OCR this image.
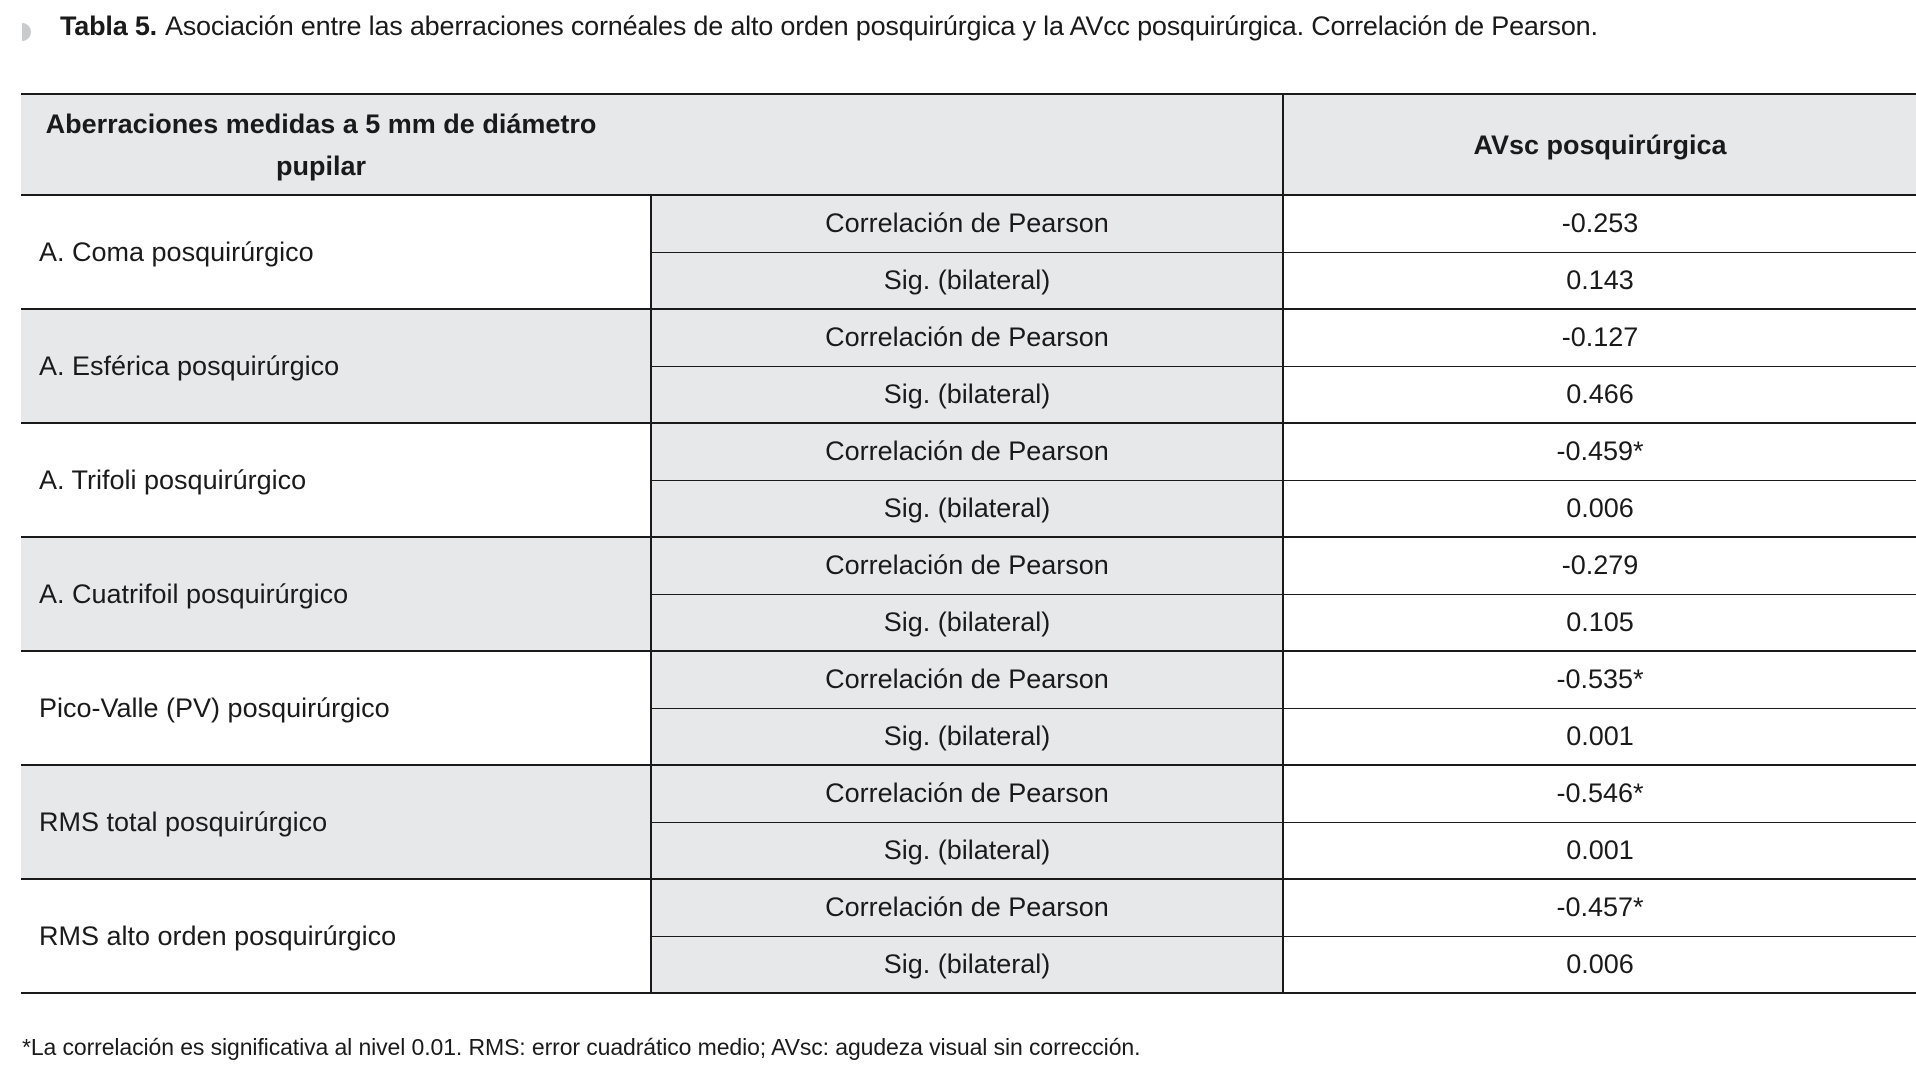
Tabla 5. Asociación entre las aberraciones cornéales de alto orden posquirúrgica y la AVcc posquirúrgica. Correlación de Pearson.
Aberraciones medidas a 5 mm de diámetro pupilar		AVsc posquirúrgica
A. Coma posquirúrgico	Correlación de Pearson	-0.253
	Sig. (bilateral)	0.143
A. Esférica posquirúrgico	Correlación de Pearson	-0.127
	Sig. (bilateral)	0.466
A. Trifoli posquirúrgico	Correlación de Pearson	-0.459*
	Sig. (bilateral)	0.006
A. Cuatrifoil posquirúrgico	Correlación de Pearson	-0.279
	Sig. (bilateral)	0.105
Pico-Valle (PV) posquirúrgico	Correlación de Pearson	-0.535*
	Sig. (bilateral)	0.001
RMS total posquirúrgico	Correlación de Pearson	-0.546*
	Sig. (bilateral)	0.001
RMS alto orden posquirúrgico	Correlación de Pearson	-0.457*
	Sig. (bilateral)	0.006
*La correlación es significativa al nivel 0.01. RMS: error cuadrático medio; AVsc: agudeza visual sin corrección.
